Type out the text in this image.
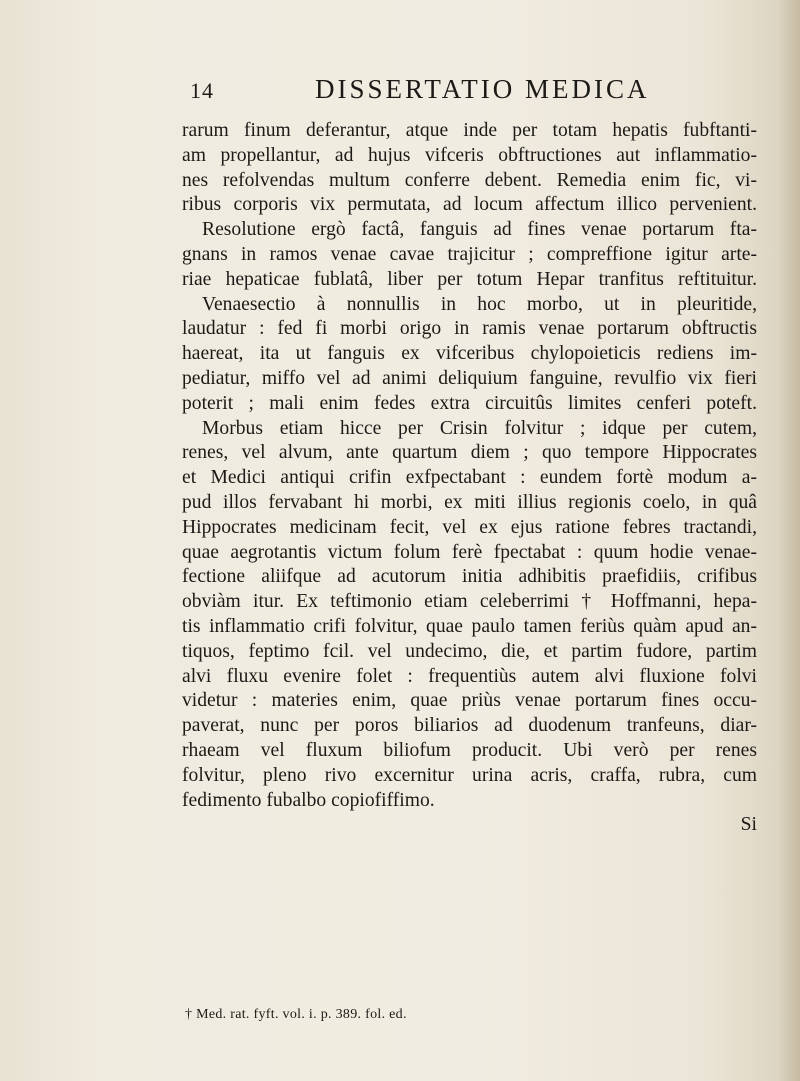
14	DISSERTATIO MEDICA
rarum finum deferantur, atque inde per totam hepatis fubftanti-
am propellantur, ad hujus vifceris obftructiones aut inflammatio-
nes refolvendas multum conferre debent. Remedia enim fic, vi-
ribus corporis vix permutata, ad locum affectum illico pervenient.
Resolutione ergò factâ, fanguis ad fines venae portarum fta-
gnans in ramos venae cavae trajicitur ; compreffione igitur arte-
riae hepaticae fublatâ, liber per totum Hepar tranfitus reftituitur.
Venaesectio à nonnullis in hoc morbo, ut in pleuritide,
laudatur : fed fi morbi origo in ramis venae portarum obftructis
haereat, ita ut fanguis ex vifceribus chylopoieticis rediens im-
pediatur, miffo vel ad animi deliquium fanguine, revulfio vix fieri
poterit ; mali enim fedes extra circuitûs limites cenferi poteft.
Morbus etiam hicce per Crisin folvitur ; idque per cutem,
renes, vel alvum, ante quartum diem ; quo tempore Hippocrates
et Medici antiqui crifin exfpectabant : eundem fortè modum a-
pud illos fervabant hi morbi, ex miti illius regionis coelo, in quâ
Hippocrates medicinam fecit, vel ex ejus ratione febres tractandi,
quae aegrotantis victum folum ferè fpectabat : quum hodie venae-
fectione aliifque ad acutorum initia adhibitis praefidiis, crifibus
obviàm itur. Ex teftimonio etiam celeberrimi † Hoffmanni, hepa-
tis inflammatio crifi folvitur, quae paulo tamen feriùs quàm apud an-
tiquos, feptimo fcil. vel undecimo, die, et partim fudore, partim
alvi fluxu evenire folet : frequentiùs autem alvi fluxione folvi
videtur : materies enim, quae priùs venae portarum fines occu-
paverat, nunc per poros biliarios ad duodenum tranfeuns, diar-
rhaeam vel fluxum biliofum producit. Ubi verò per renes
folvitur, pleno rivo excernitur urina acris, craffa, rubra, cum
fedimento fubalbo copiofiffimo.
Si
† Med. rat. fyft. vol. i. p. 389. fol. ed.
